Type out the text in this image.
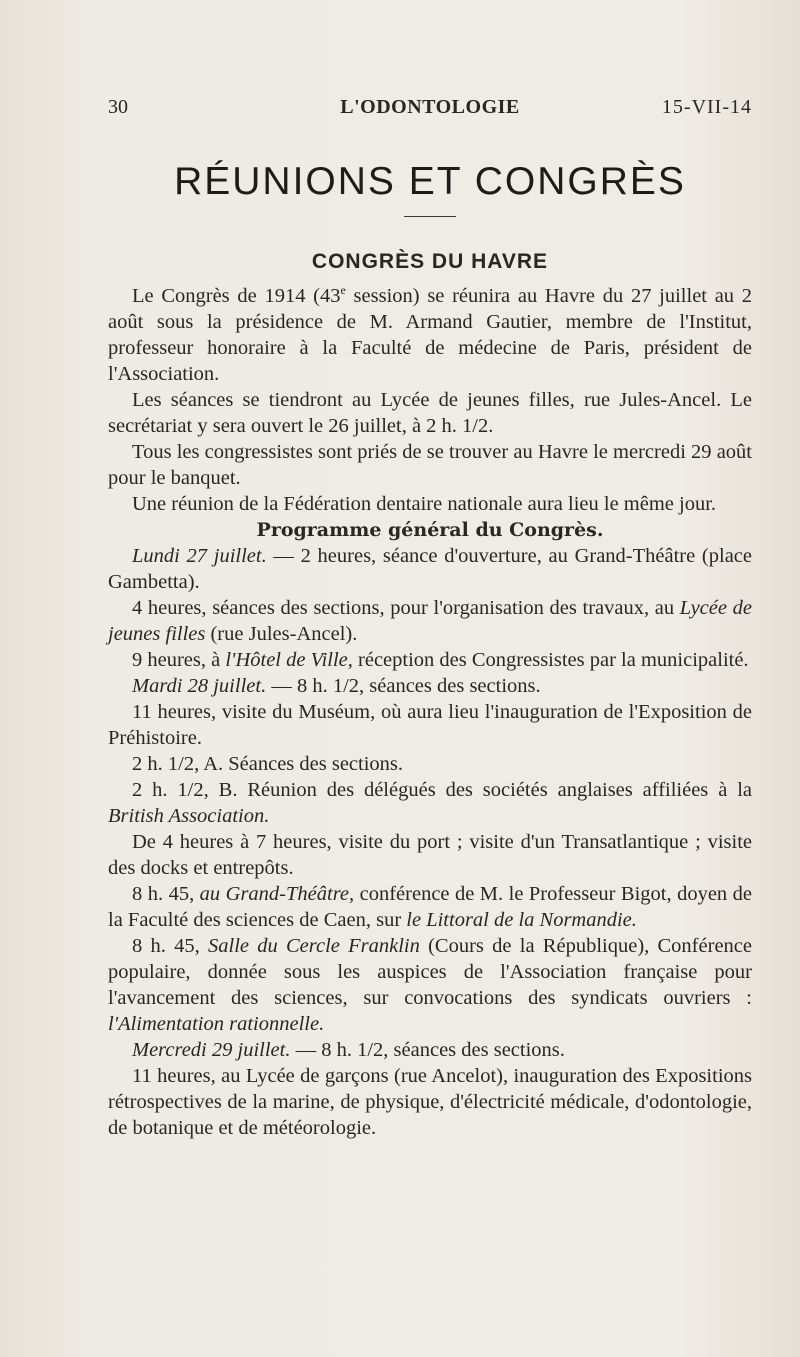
30	L'ODONTOLOGIE	15-VII-14
RÉUNIONS ET CONGRÈS
CONGRÈS DU HAVRE

Le Congrès de 1914 (43e session) se réunira au Havre du 27 juillet au 2 août sous la présidence de M. Armand Gautier, membre de l'Institut, professeur honoraire à la Faculté de médecine de Paris, président de l'Association.

Les séances se tiendront au Lycée de jeunes filles, rue Jules-Ancel. Le secrétariat y sera ouvert le 26 juillet, à 2 h. 1/2.

Tous les congressistes sont priés de se trouver au Havre le mercredi 29 août pour le banquet.

Une réunion de la Fédération dentaire nationale aura lieu le même jour.

Programme général du Congrès.

Lundi 27 juillet. — 2 heures, séance d'ouverture, au Grand-Théâtre (place Gambetta).

4 heures, séances des sections, pour l'organisation des travaux, au Lycée de jeunes filles (rue Jules-Ancel).

9 heures, à l'Hôtel de Ville, réception des Congressistes par la municipalité.

Mardi 28 juillet. — 8 h. 1/2, séances des sections.

11 heures, visite du Muséum, où aura lieu l'inauguration de l'Exposition de Préhistoire.

2 h. 1/2, A. Séances des sections.

2 h. 1/2, B. Réunion des délégués des sociétés anglaises affiliées à la British Association.

De 4 heures à 7 heures, visite du port ; visite d'un Transatlantique ; visite des docks et entrepôts.

8 h. 45, au Grand-Théâtre, conférence de M. le Professeur Bigot, doyen de la Faculté des sciences de Caen, sur le Littoral de la Normandie.

8 h. 45, Salle du Cercle Franklin (Cours de la République), Conférence populaire, donnée sous les auspices de l'Association française pour l'avancement des sciences, sur convocations des syndicats ouvriers : l'Alimentation rationnelle.

Mercredi 29 juillet. — 8 h. 1/2, séances des sections.

11 heures, au Lycée de garçons (rue Ancelot), inauguration des Expositions rétrospectives de la marine, de physique, d'électricité médicale, d'odontologie, de botanique et de météorologie.
